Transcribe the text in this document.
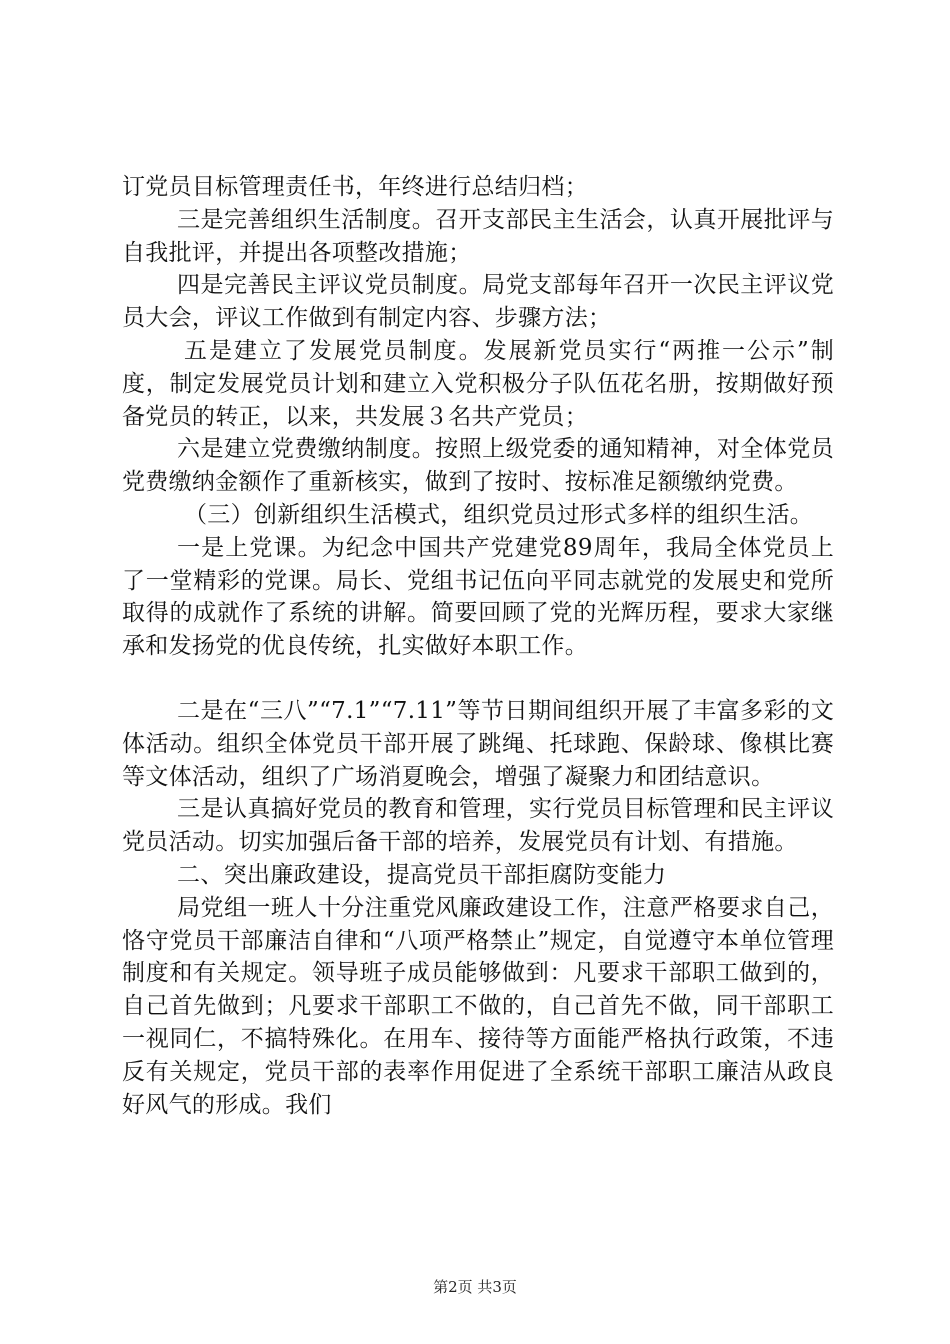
订党员目标管理责任书，年终进行总结归档；

三是完善组织生活制度。召开支部民主生活会，认真开展批评与自我批评，并提出各项整改措施；

四是完善民主评议党员制度。局党支部每年召开一次民主评议党员大会，评议工作做到有制定内容、步骤方法；

五是建立了发展党员制度。发展新党员实行“两推一公示”制度，制定发展党员计划和建立入党积极分子队伍花名册，按期做好预备党员的转正，以来，共发展３名共产党员；

六是建立党费缴纳制度。按照上级党委的通知精神，对全体党员党费缴纳金额作了重新核实，做到了按时、按标准足额缴纳党费。

（三）创新组织生活模式，组织党员过形式多样的组织生活。

一是上党课。为纪念中国共产党建党89周年，我局全体党员上了一堂精彩的党课。局长、党组书记伍向平同志就党的发展史和党所取得的成就作了系统的讲解。简要回顾了党的光辉历程，要求大家继承和发扬党的优良传统，扎实做好本职工作。

二是在“三八”“7.1”“7.11”等节日期间组织开展了丰富多彩的文体活动。组织全体党员干部开展了跳绳、托球跑、保龄球、像棋比赛等文体活动，组织了广场消夏晚会，增强了凝聚力和团结意识。

三是认真搞好党员的教育和管理，实行党员目标管理和民主评议党员活动。切实加强后备干部的培养，发展党员有计划、有措施。

二、突出廉政建设，提高党员干部拒腐防变能力

局党组一班人十分注重党风廉政建设工作，注意严格要求自己，恪守党员干部廉洁自律和“八项严格禁止”规定，自觉遵守本单位管理制度和有关规定。领导班子成员能够做到：凡要求干部职工做到的，自己首先做到；凡要求干部职工不做的，自己首先不做，同干部职工一视同仁，不搞特殊化。在用车、接待等方面能严格执行政策，不违反有关规定，党员干部的表率作用促进了全系统干部职工廉洁从政良好风气的形成。我们

第2页 共3页
